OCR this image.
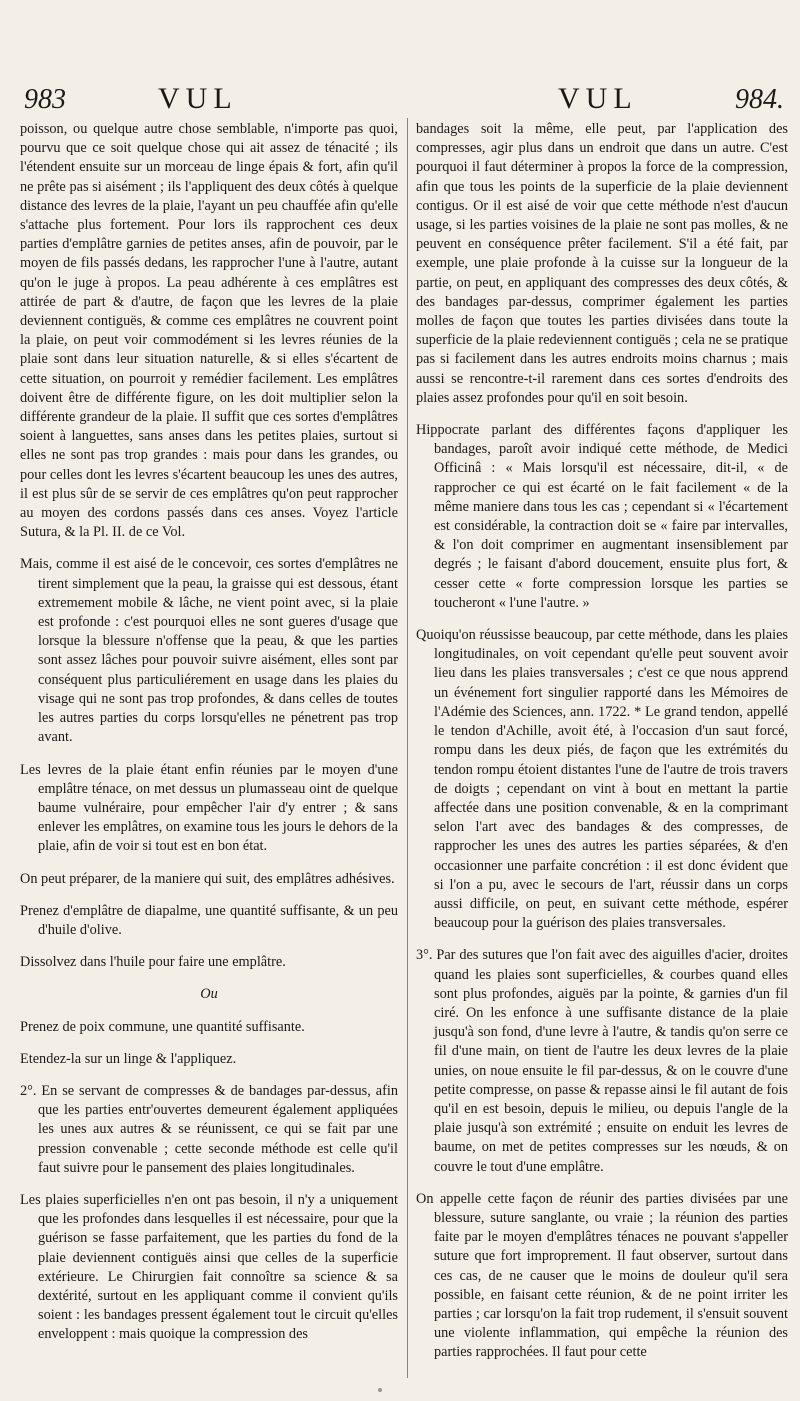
983	VUL	VUL	984.

poisson, ou quelque autre chose semblable, n'importe pas quoi, pourvu que ce soit quelque chose qui ait assez de ténacité ; ils l'étendent ensuite sur un morceau de linge épais & fort, afin qu'il ne prête pas si aisément ; ils l'appliquent des deux côtés à quelque distance des levres de la plaie, l'ayant un peu chauffée afin qu'elle s'attache plus fortement. Pour lors ils rapprochent ces deux parties d'emplâtre garnies de petites anses, afin de pouvoir, par le moyen de fils passés dedans, les rapprocher l'une à l'autre, autant qu'on le juge à propos. La peau adhérente à ces emplâtres est attirée de part & d'autre, de façon que les levres de la plaie deviennent contiguës, & comme ces emplâtres ne couvrent point la plaie, on peut voir commodément si les levres réunies de la plaie sont dans leur situation naturelle, & si elles s'écartent de cette situation, on pourroit y remédier facilement. Les emplâtres doivent être de différente figure, on les doit multiplier selon la différente grandeur de la plaie. Il suffit que ces sortes d'emplâtres soient à languettes, sans anses dans les petites plaies, surtout si elles ne sont pas trop grandes : mais pour dans les grandes, ou pour celles dont les levres s'écartent beaucoup les unes des autres, il est plus sûr de se servir de ces emplâtres qu'on peut rapprocher au moyen des cordons passés dans ces anses. Voyez l'article Sutura, & la Pl. II. de ce Vol.

Mais, comme il est aisé de le concevoir, ces sortes d'emplâtres ne tirent simplement que la peau, la graisse qui est dessous, étant extremement mobile & lâche, ne vient point avec, si la plaie est profonde : c'est pourquoi elles ne sont gueres d'usage que lorsque la blessure n'offense que la peau, & que les parties sont assez lâches pour pouvoir suivre aisément, elles sont par conséquent plus particuliérement en usage dans les plaies du visage qui ne sont pas trop profondes, & dans celles de toutes les autres parties du corps lorsqu'elles ne pénetrent pas trop avant.

Les levres de la plaie étant enfin réunies par le moyen d'une emplâtre ténace, on met dessus un plumasseau oint de quelque baume vulnéraire, pour empêcher l'air d'y entrer ; & sans enlever les emplâtres, on examine tous les jours le dehors de la plaie, afin de voir si tout est en bon état.

On peut préparer, de la maniere qui suit, des emplâtres adhésives.

Prenez d'emplâtre de diapalme, une quantité suffisante, & un peu d'huile d'olive.

Dissolvez dans l'huile pour faire une emplâtre.

Ou

Prenez de poix commune, une quantité suffisante.

Etendez-la sur un linge & l'appliquez.

2°. En se servant de compresses & de bandages par-dessus, afin que les parties entr'ouvertes demeurent également appliquées les unes aux autres & se réunissent, ce qui se fait par une pression convenable ; cette seconde méthode est celle qu'il faut suivre pour le pansement des plaies longitudinales.

Les plaies superficielles n'en ont pas besoin, il n'y a uniquement que les profondes dans lesquelles il est nécessaire, pour que la guérison se fasse parfaitement, que les parties du fond de la plaie deviennent contiguës ainsi que celles de la superficie extérieure. Le Chirurgien fait connoître sa science & sa dextérité, surtout en les appliquant comme il convient qu'ils soient : les bandages pressent également tout le circuit qu'elles enveloppent : mais quoique la compression des

bandages soit la même, elle peut, par l'application des compresses, agir plus dans un endroit que dans un autre. C'est pourquoi il faut déterminer à propos la force de la compression, afin que tous les points de la superficie de la plaie deviennent contigus. Or il est aisé de voir que cette méthode n'est d'aucun usage, si les parties voisines de la plaie ne sont pas molles, & ne peuvent en conséquence prêter facilement. S'il a été fait, par exemple, une plaie profonde à la cuisse sur la longueur de la partie, on peut, en appliquant des compresses des deux côtés, & des bandages par-dessus, comprimer également les parties molles de façon que toutes les parties divisées dans toute la superficie de la plaie redeviennent contiguës ; cela ne se pratique pas si facilement dans les autres endroits moins charnus ; mais aussi se rencontre-t-il rarement dans ces sortes d'endroits des plaies assez profondes pour qu'il en soit besoin.

Hippocrate parlant des différentes façons d'appliquer les bandages, paroît avoir indiqué cette méthode, de Medici Officinâ : « Mais lorsqu'il est nécessaire, dit-il, « de rapprocher ce qui est écarté on le fait facilement « de la même maniere dans tous les cas ; cependant si « l'écartement est considérable, la contraction doit se « faire par intervalles, & l'on doit comprimer en augmentant insensiblement par degrés ; le faisant d'abord doucement, ensuite plus fort, & cesser cette « forte compression lorsque les parties se toucheront « l'une l'autre. »

Quoiqu'on réussisse beaucoup, par cette méthode, dans les plaies longitudinales, on voit cependant qu'elle peut souvent avoir lieu dans les plaies transversales ; c'est ce que nous apprend un événement fort singulier rapporté dans les Mémoires de l'Adémie des Sciences, ann. 1722. * Le grand tendon, appellé le tendon d'Achille, avoit été, à l'occasion d'un saut forcé, rompu dans les deux piés, de façon que les extrémités du tendon rompu étoient distantes l'une de l'autre de trois travers de doigts ; cependant on vint à bout en mettant la partie affectée dans une position convenable, & en la comprimant selon l'art avec des bandages & des compresses, de rapprocher les unes des autres les parties séparées, & d'en occasionner une parfaite concrétion : il est donc évident que si l'on a pu, avec le secours de l'art, réussir dans un corps aussi difficile, on peut, en suivant cette méthode, espérer beaucoup pour la guérison des plaies transversales.

3°. Par des sutures que l'on fait avec des aiguilles d'acier, droites quand les plaies sont superficielles, & courbes quand elles sont plus profondes, aiguës par la pointe, & garnies d'un fil ciré. On les enfonce à une suffisante distance de la plaie jusqu'à son fond, d'une levre à l'autre, & tandis qu'on serre ce fil d'une main, on tient de l'autre les deux levres de la plaie unies, on noue ensuite le fil par-dessus, & on le couvre d'une petite compresse, on passe & repasse ainsi le fil autant de fois qu'il en est besoin, depuis le milieu, ou depuis l'angle de la plaie jusqu'à son extrémité ; ensuite on enduit les levres de baume, on met de petites compresses sur les nœuds, & on couvre le tout d'une emplâtre.

On appelle cette façon de réunir des parties divisées par une blessure, suture sanglante, ou vraie ; la réunion des parties faite par le moyen d'emplâtres ténaces ne pouvant s'appeller suture que fort improprement. Il faut observer, surtout dans ces cas, de ne causer que le moins de douleur qu'il sera possible, en faisant cette réunion, & de ne point irriter les parties ; car lorsqu'on la fait trop rudement, il s'ensuit souvent une violente inflammation, qui empêche la réunion des parties rapprochées. Il faut pour cette
